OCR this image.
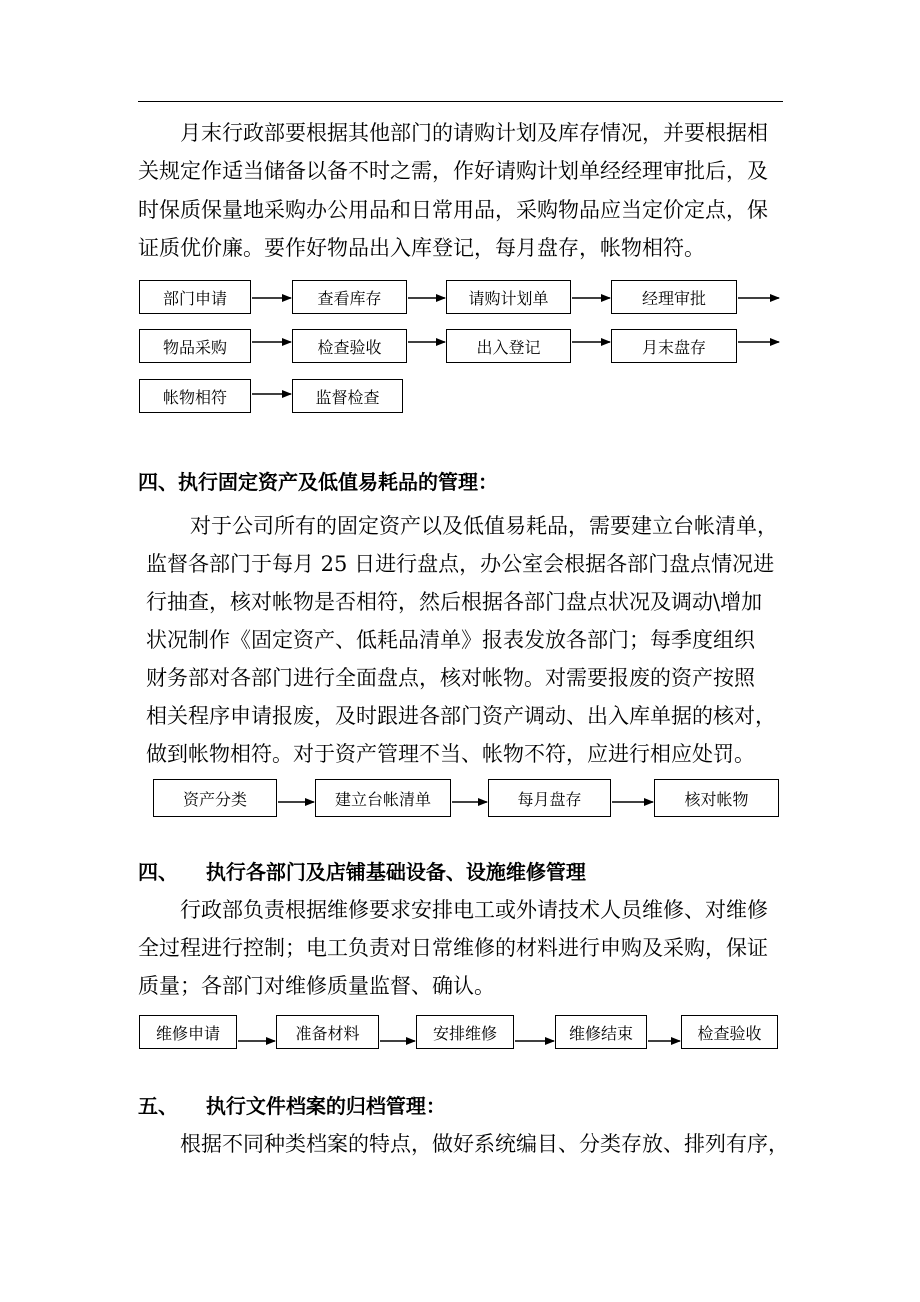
月末行政部要根据其他部门的请购计划及库存情况，并要根据相

关规定作适当储备以备不时之需，作好请购计划单经经理审批后，及

时保质保量地采购办公用品和日常用品，采购物品应当定价定点，保

证质优价廉。要作好物品出入库登记，每月盘存，帐物相符。

部门申请	查看库存	请购计划单	经理审批
物品采购	检查验收	出入登记	月末盘存
帐物相符	监督检查

四、执行固定资产及低值易耗品的管理：

对于公司所有的固定资产以及低值易耗品，需要建立台帐清单，

监督各部门于每月 25 日进行盘点，办公室会根据各部门盘点情况进

行抽查，核对帐物是否相符，然后根据各部门盘点状况及调动\增加

状况制作《固定资产、低耗品清单》报表发放各部门；每季度组织

财务部对各部门进行全面盘点，核对帐物。对需要报废的资产按照

相关程序申请报废，及时跟进各部门资产调动、出入库单据的核对，

做到帐物相符。对于资产管理不当、帐物不符，应进行相应处罚。

资产分类	建立台帐清单	每月盘存	核对帐物

四、    执行各部门及店铺基础设备、设施维修管理

行政部负责根据维修要求安排电工或外请技术人员维修、对维修

全过程进行控制；电工负责对日常维修的材料进行申购及采购，保证

质量；各部门对维修质量监督、确认。

维修申请	准备材料	安排维修	维修结束	检查验收

五、    执行文件档案的归档管理：

根据不同种类档案的特点，做好系统编目、分类存放、排列有序，
